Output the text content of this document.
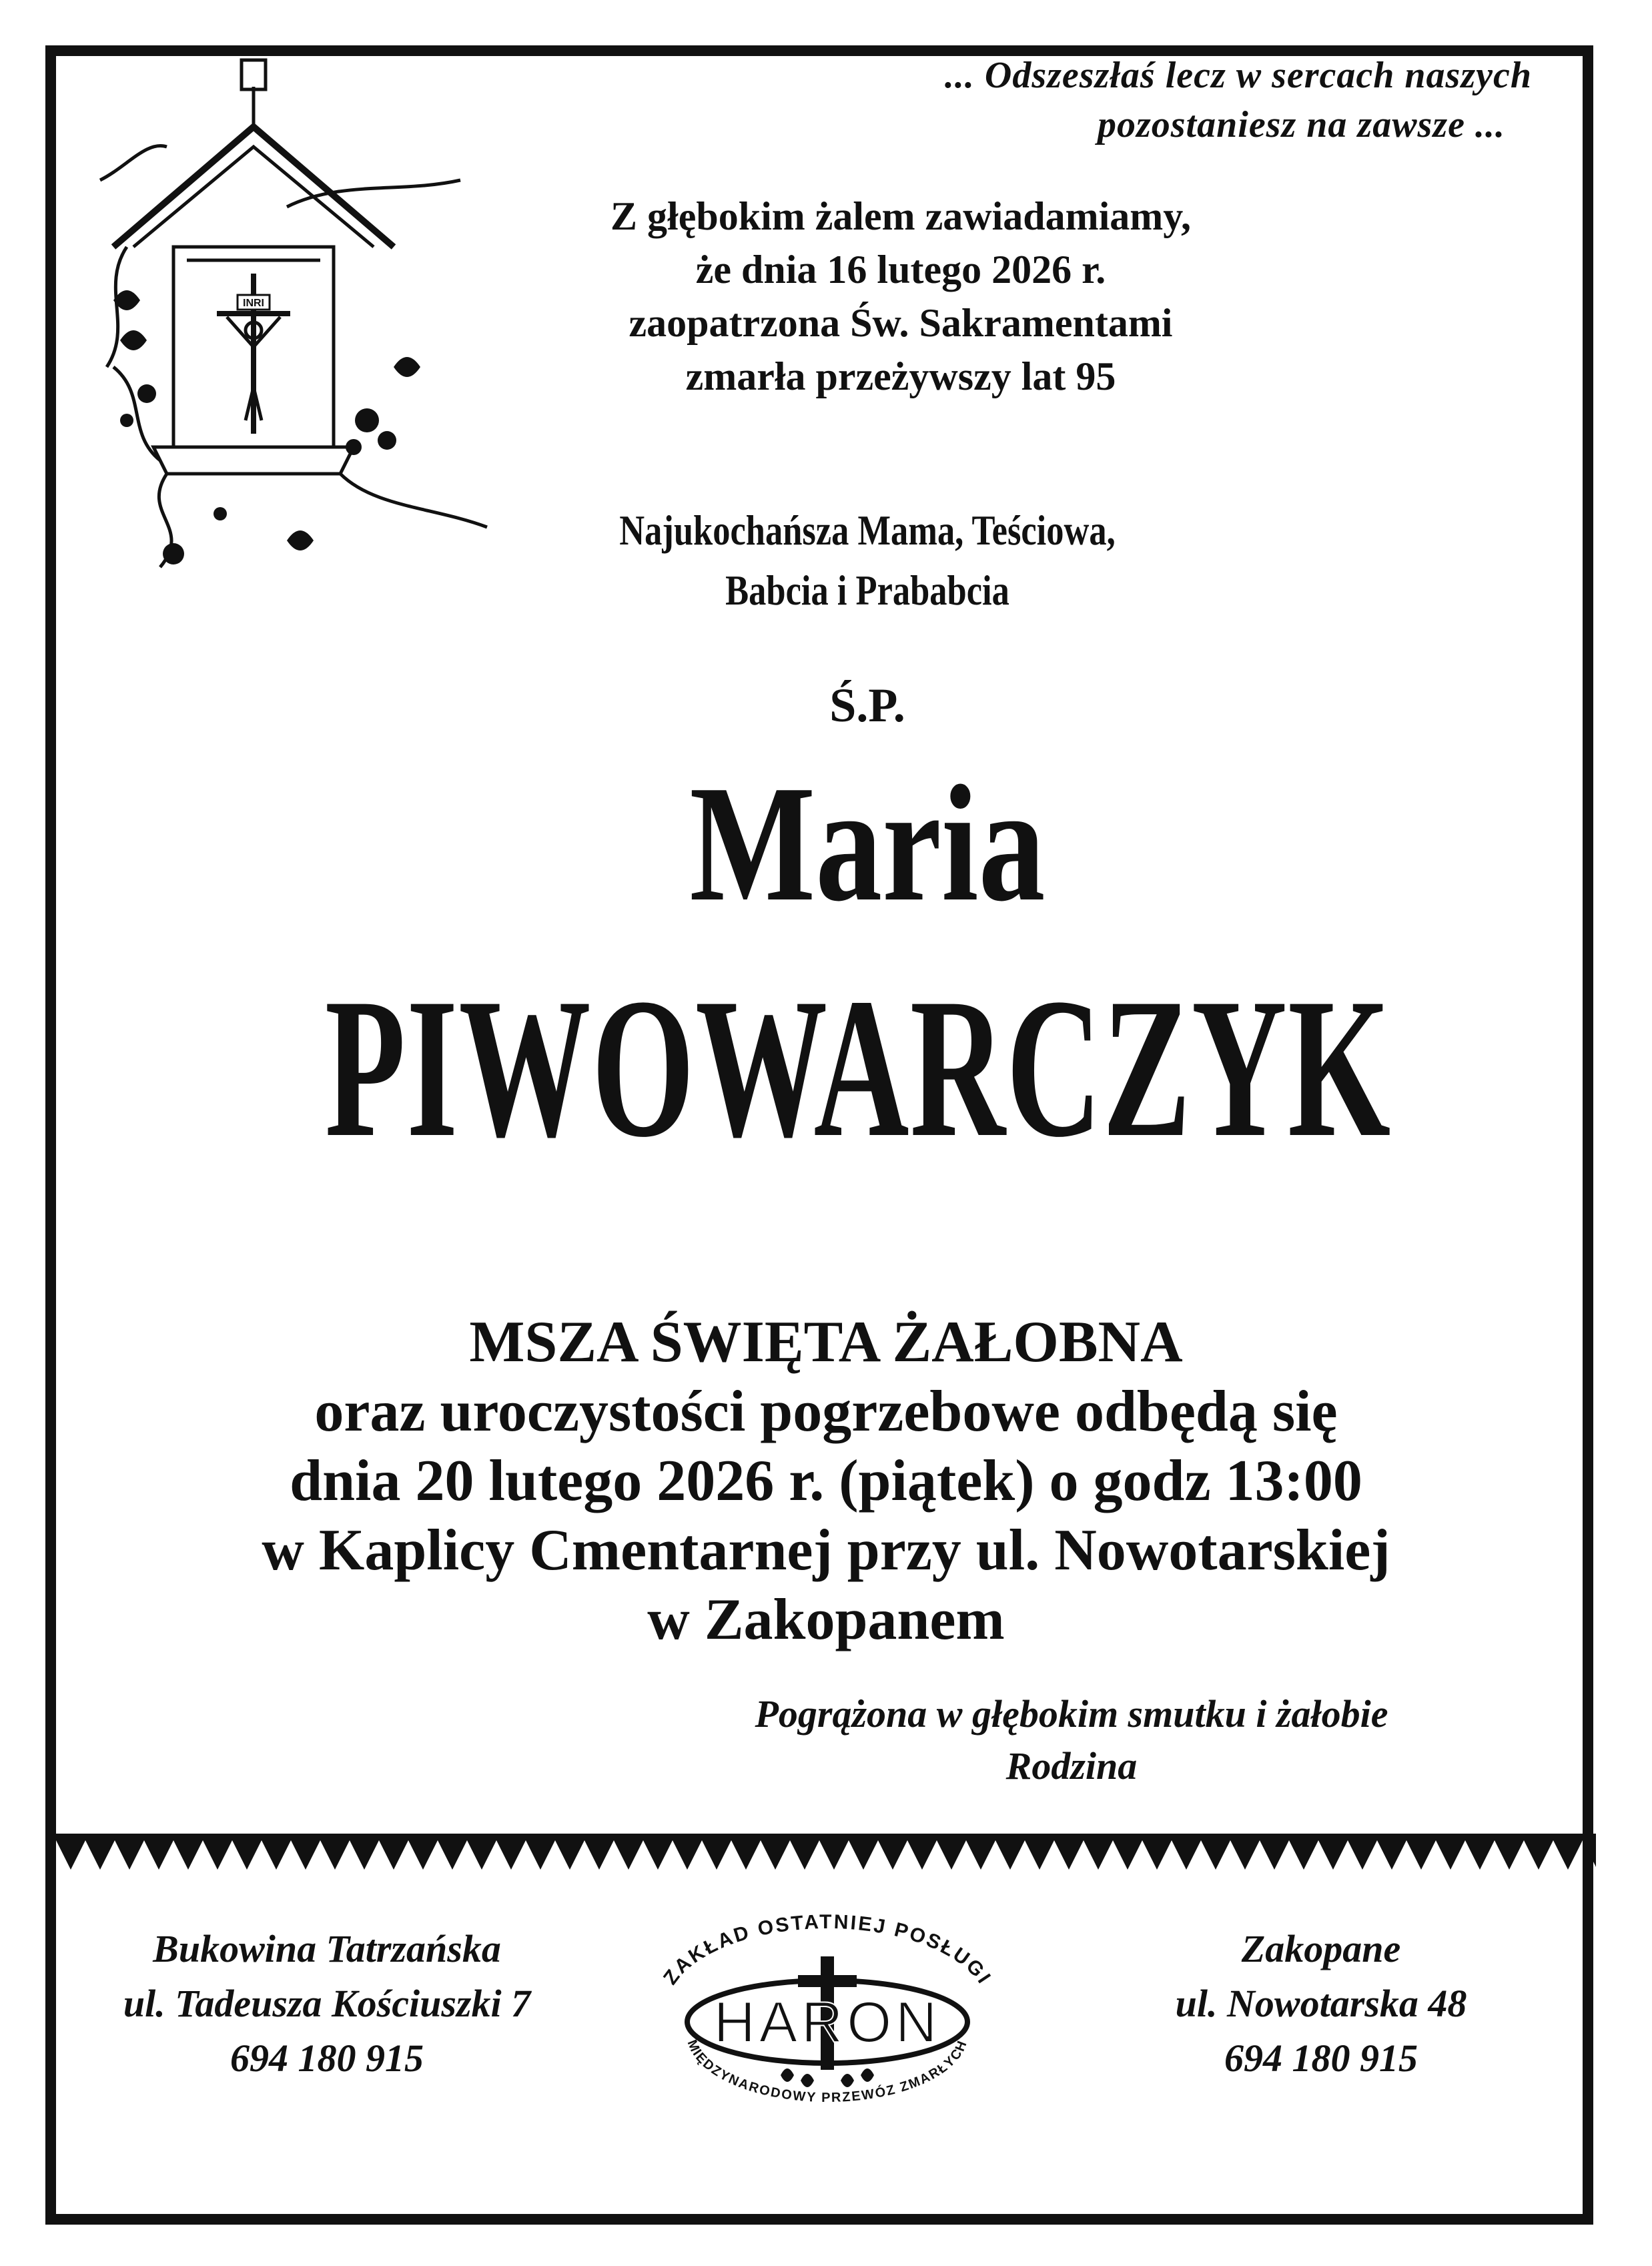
INRI
... Odszeszłaś lecz w sercach naszych
pozostaniesz na zawsze ...
Z głębokim żalem zawiadamiamy,
że dnia 16 lutego 2026 r.
zaopatrzona Św. Sakramentami
zmarła przeżywszy lat 95
Najukochańsza Mama, Teściowa,
Babcia i Prababcia
Ś.P.
Maria
PIWOWARCZYK
MSZA ŚWIĘTA ŻAŁOBNA
oraz uroczystości pogrzebowe odbędą się
dnia 20 lutego 2026 r. (piątek) o godz 13:00
w Kaplicy Cmentarnej przy ul. Nowotarskiej
w Zakopanem
Pogrążona w głębokim smutku i żałobie
Rodzina
Bukowina Tatrzańska
ul. Tadeusza Kościuszki 7
694 180 915
Zakopane
ul. Nowotarska 48
694 180 915
ZAKŁAD OSTATNIEJ POSŁUGI
HARON
MIĘDZYNARODOWY PRZEWÓZ ZMARŁYCH
